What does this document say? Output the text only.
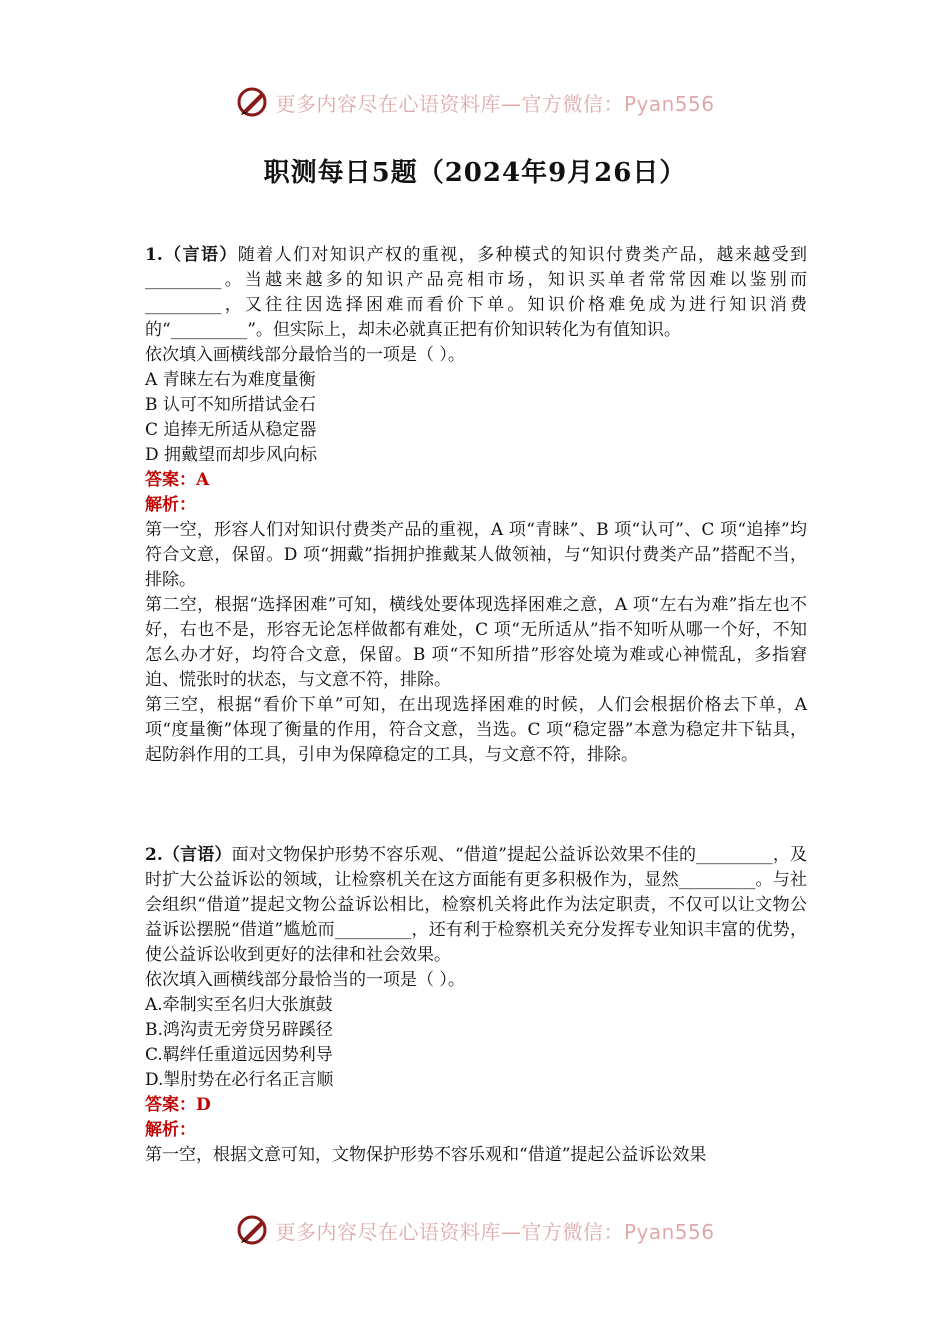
更多内容尽在心语资料库—官方微信：Pyan556
职测每日5题（2024年9月26日）

1.（言语）随着人们对知识产权的重视，多种模式的知识付费类产品，越来越受到_________。当越来越多的知识产品亮相市场，知识买单者常常因难以鉴别而_________，又往往因选择困难而看价下单。知识价格难免成为进行知识消费的“_________”。但实际上，却未必就真正把有价知识转化为有值知识。

依次填入画横线部分最恰当的一项是（ ）。

A 青睐左右为难度量衡

B 认可不知所措试金石

C 追捧无所适从稳定器

D 拥戴望而却步风向标

答案：A

解析：

第一空，形容人们对知识付费类产品的重视，A 项“青睐”、B 项“认可”、C 项“追捧”均符合文意，保留。D 项“拥戴”指拥护推戴某人做领袖，与“知识付费类产品”搭配不当，排除。

第二空，根据“选择困难”可知，横线处要体现选择困难之意，A 项“左右为难”指左也不好，右也不是，形容无论怎样做都有难处，C 项“无所适从”指不知听从哪一个好，不知怎么办才好，均符合文意，保留。B 项“不知所措”形容处境为难或心神慌乱，多指窘迫、慌张时的状态，与文意不符，排除。

第三空，根据“看价下单”可知，在出现选择困难的时候，人们会根据价格去下单，A 项“度量衡”体现了衡量的作用，符合文意，当选。C 项“稳定器”本意为稳定井下钻具，起防斜作用的工具，引申为保障稳定的工具，与文意不符，排除。

2.（言语）面对文物保护形势不容乐观、“借道”提起公益诉讼效果不佳的_________，及时扩大公益诉讼的领域，让检察机关在这方面能有更多积极作为，显然_________。与社会组织“借道”提起文物公益诉讼相比，检察机关将此作为法定职责，不仅可以让文物公益诉讼摆脱“借道”尴尬而_________，还有利于检察机关充分发挥专业知识丰富的优势，使公益诉讼收到更好的法律和社会效果。

依次填入画横线部分最恰当的一项是（ ）。

A.牵制实至名归大张旗鼓

B.鸿沟责无旁贷另辟蹊径

C.羁绊任重道远因势利导

D.掣肘势在必行名正言顺

答案：D

解析：

第一空，根据文意可知，文物保护形势不容乐观和“借道”提起公益诉讼效果

更多内容尽在心语资料库—官方微信：Pyan556
